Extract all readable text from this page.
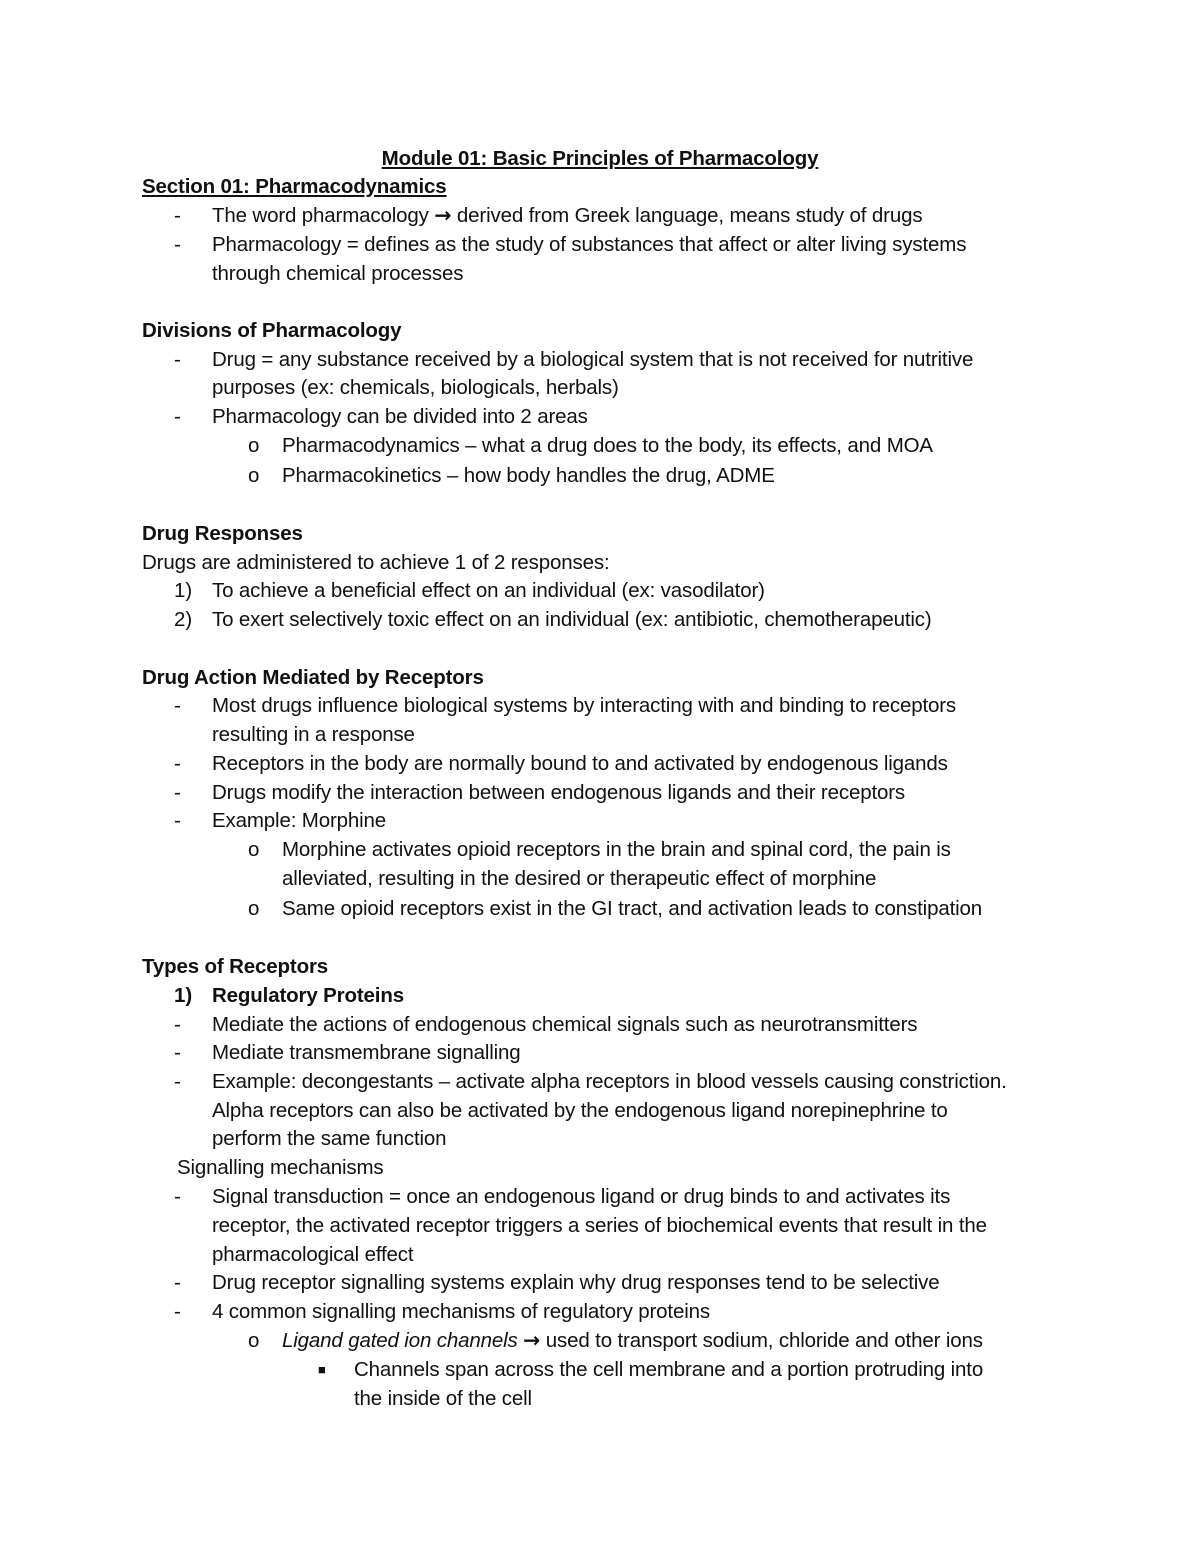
Module 01: Basic Principles of Pharmacology
Section 01: Pharmacodynamics
- The word pharmacology → derived from Greek language, means study of drugs
- Pharmacology = defines as the study of substances that affect or alter living systems
through chemical processes
Divisions of Pharmacology
- Drug = any substance received by a biological system that is not received for nutritive
purposes (ex: chemicals, biologicals, herbals)
- Pharmacology can be divided into 2 areas
o Pharmacodynamics – what a drug does to the body, its effects, and MOA
o Pharmacokinetics – how body handles the drug, ADME
Drug Responses
Drugs are administered to achieve 1 of 2 responses:
1) To achieve a beneficial effect on an individual (ex: vasodilator)
2) To exert selectively toxic effect on an individual (ex: antibiotic, chemotherapeutic)
Drug Action Mediated by Receptors
- Most drugs influence biological systems by interacting with and binding to receptors
resulting in a response
- Receptors in the body are normally bound to and activated by endogenous ligands
- Drugs modify the interaction between endogenous ligands and their receptors
- Example: Morphine
o Morphine activates opioid receptors in the brain and spinal cord, the pain is
alleviated, resulting in the desired or therapeutic effect of morphine
o Same opioid receptors exist in the GI tract, and activation leads to constipation
Types of Receptors
1) Regulatory Proteins
- Mediate the actions of endogenous chemical signals such as neurotransmitters
- Mediate transmembrane signalling
- Example: decongestants – activate alpha receptors in blood vessels causing constriction.
Alpha receptors can also be activated by the endogenous ligand norepinephrine to
perform the same function
Signalling mechanisms
- Signal transduction = once an endogenous ligand or drug binds to and activates its
receptor, the activated receptor triggers a series of biochemical events that result in the
pharmacological effect
- Drug receptor signalling systems explain why drug responses tend to be selective
- 4 common signalling mechanisms of regulatory proteins
o Ligand gated ion channels → used to transport sodium, chloride and other ions
■ Channels span across the cell membrane and a portion protruding into
the inside of the cell
